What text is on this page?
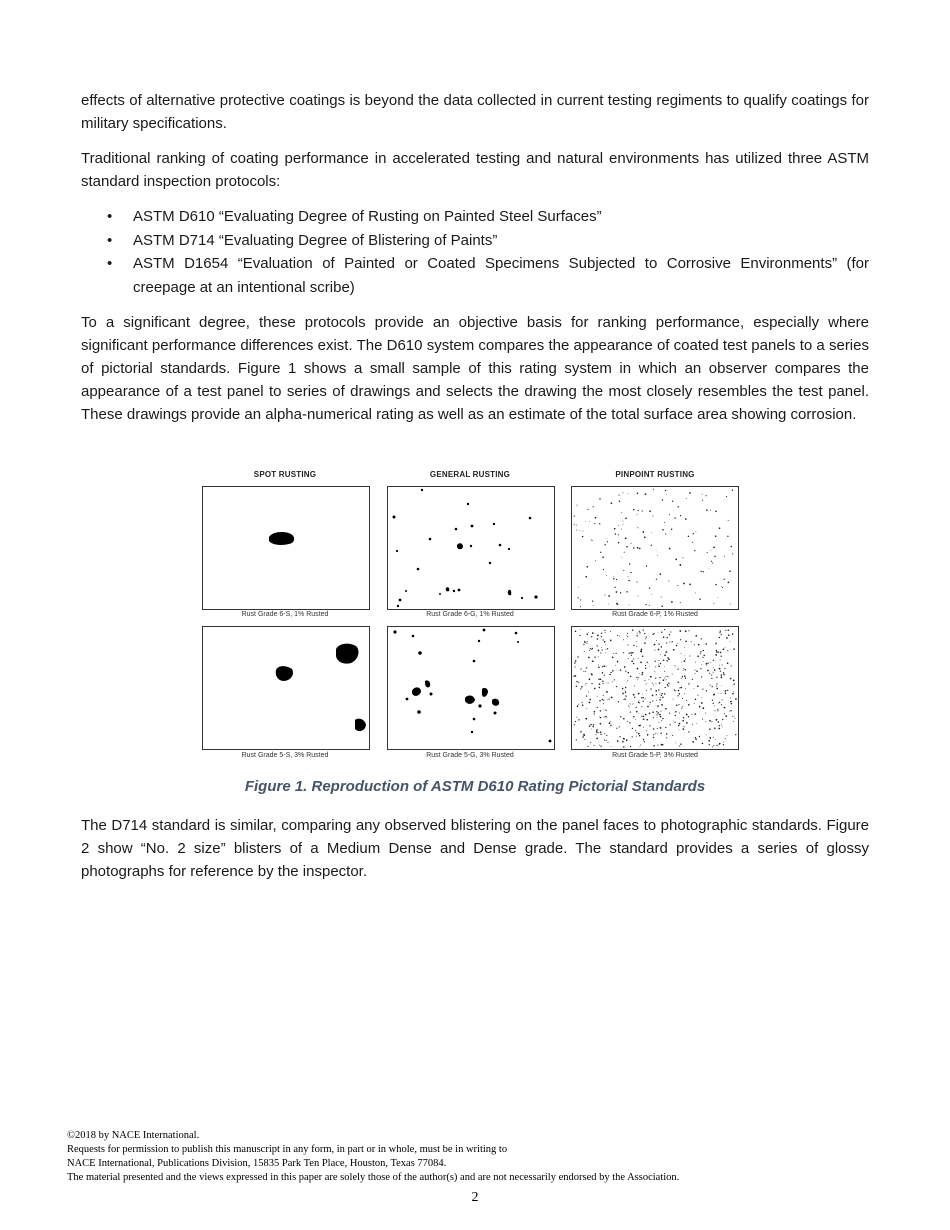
effects of alternative protective coatings is beyond the data collected in current testing regiments to qualify coatings for military specifications.

Traditional ranking of coating performance in accelerated testing and natural environments has utilized three ASTM standard inspection protocols:

• ASTM D610 “Evaluating Degree of Rusting on Painted Steel Surfaces”
• ASTM D714 “Evaluating Degree of Blistering of Paints”
• ASTM D1654 “Evaluation of Painted or Coated Specimens Subjected to Corrosive Environments” (for creepage at an intentional scribe)

To a significant degree, these protocols provide an objective basis for ranking performance, especially where significant performance differences exist. The D610 system compares the appearance of coated test panels to a series of pictorial standards. Figure 1 shows a small sample of this rating system in which an observer compares the appearance of a test panel to series of drawings and selects the drawing the most closely resembles the test panel. These drawings provide an alpha-numerical rating as well as an estimate of the total surface area showing corrosion.

SPOT RUSTING	GENERAL RUSTING	PINPOINT RUSTING
Rust Grade 6-S, 1% Rusted	Rust Grade 6-G, 1% Rusted	Rust Grade 6-P, 1% Rusted
Rust Grade 5-S, 3% Rusted	Rust Grade 5-G, 3% Rusted	Rust Grade 5-P, 3% Rusted
Figure 1. Reproduction of ASTM D610 Rating Pictorial Standards

The D714 standard is similar, comparing any observed blistering on the panel faces to photographic standards. Figure 2 show “No. 2 size” blisters of a Medium Dense and Dense grade. The standard provides a series of glossy photographs for reference by the inspector.

©2018 by NACE International.
Requests for permission to publish this manuscript in any form, in part or in whole, must be in writing to
NACE International, Publications Division, 15835 Park Ten Place, Houston, Texas 77084.
The material presented and the views expressed in this paper are solely those of the author(s) and are not necessarily endorsed by the Association.
2
